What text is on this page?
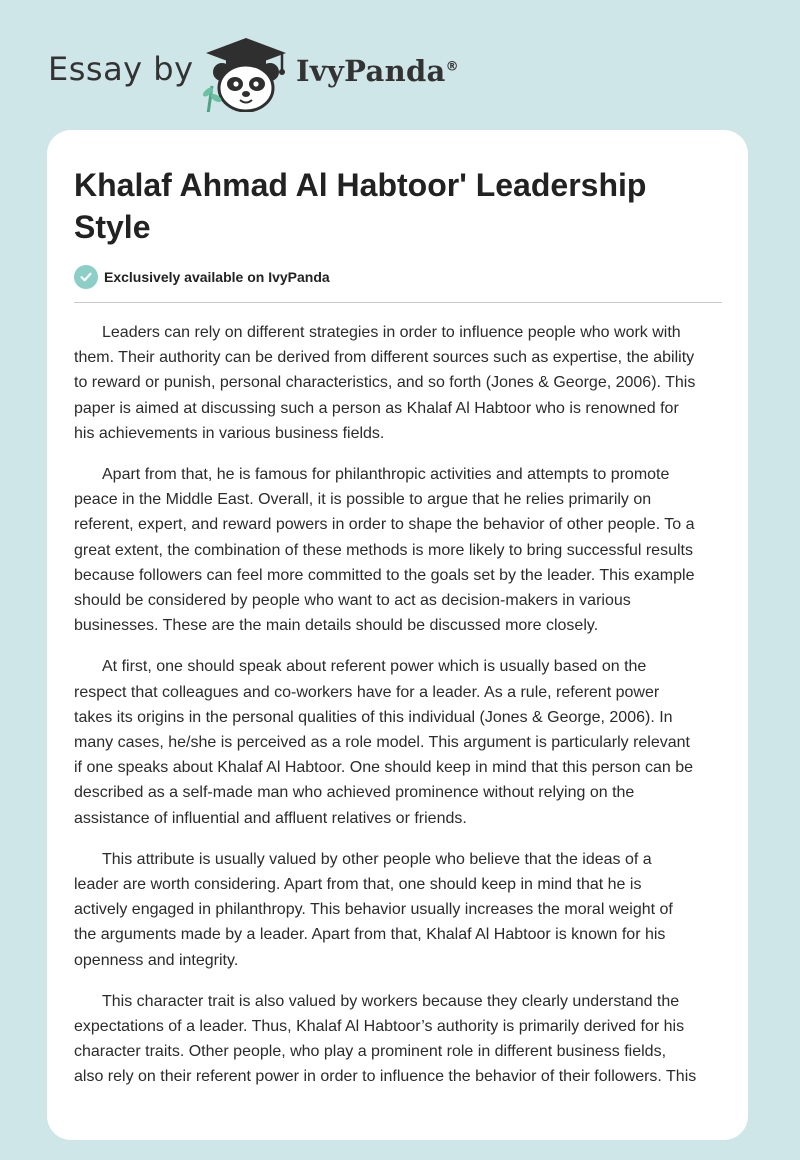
Essay by	IvyPanda®
Khalaf Ahmad Al Habtoor' Leadership Style
Exclusively available on IvyPanda

Leaders can rely on different strategies in order to influence people who work with
them. Their authority can be derived from different sources such as expertise, the ability
to reward or punish, personal characteristics, and so forth (Jones & George, 2006). This
paper is aimed at discussing such a person as Khalaf Al Habtoor who is renowned for
his achievements in various business fields.

Apart from that, he is famous for philanthropic activities and attempts to promote
peace in the Middle East. Overall, it is possible to argue that he relies primarily on
referent, expert, and reward powers in order to shape the behavior of other people. To a
great extent, the combination of these methods is more likely to bring successful results
because followers can feel more committed to the goals set by the leader. This example
should be considered by people who want to act as decision-makers in various
businesses. These are the main details should be discussed more closely.

At first, one should speak about referent power which is usually based on the
respect that colleagues and co-workers have for a leader. As a rule, referent power
takes its origins in the personal qualities of this individual (Jones & George, 2006). In
many cases, he/she is perceived as a role model. This argument is particularly relevant
if one speaks about Khalaf Al Habtoor. One should keep in mind that this person can be
described as a self-made man who achieved prominence without relying on the
assistance of influential and affluent relatives or friends.

This attribute is usually valued by other people who believe that the ideas of a
leader are worth considering. Apart from that, one should keep in mind that he is
actively engaged in philanthropy. This behavior usually increases the moral weight of
the arguments made by a leader. Apart from that, Khalaf Al Habtoor is known for his
openness and integrity.

This character trait is also valued by workers because they clearly understand the
expectations of a leader. Thus, Khalaf Al Habtoor’s authority is primarily derived for his
character traits. Other people, who play a prominent role in different business fields,
also rely on their referent power in order to influence the behavior of their followers. This
